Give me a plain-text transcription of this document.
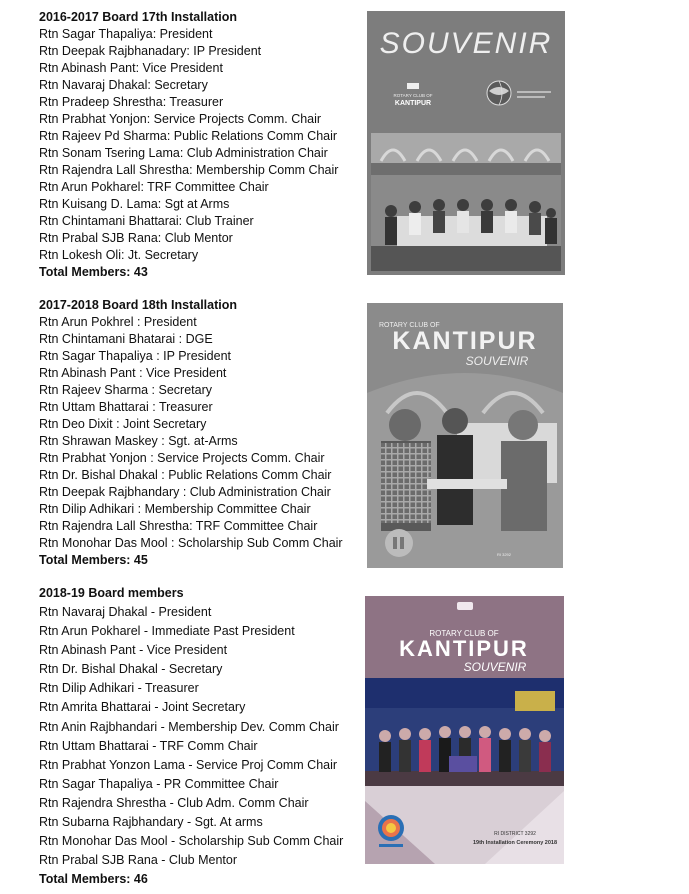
2016-2017 Board 17th Installation
Rtn Sagar Thapaliya: President
Rtn Deepak Rajbhanadary: IP President
Rtn Abinash Pant: Vice President
Rtn Navaraj Dhakal: Secretary
Rtn Pradeep Shrestha: Treasurer
Rtn Prabhat Yonjon: Service Projects Comm. Chair
Rtn Rajeev Pd Sharma: Public Relations Comm Chair
Rtn Sonam Tsering Lama: Club Administration Chair
Rtn Rajendra Lall Shrestha: Membership Comm Chair
Rtn Arun Pokharel: TRF Committee Chair
Rtn Kuisang D. Lama: Sgt at Arms
Rtn Chintamani Bhattarai: Club Trainer
Rtn Prabal SJB Rana: Club Mentor
Rtn Lokesh Oli: Jt. Secretary
Total Members: 43
2017-2018 Board 18th Installation
Rtn Arun Pokhrel : President
Rtn Chintamani Bhatarai : DGE
Rtn Sagar Thapaliya : IP President
Rtn Abinash Pant : Vice President
Rtn Rajeev Sharma : Secretary
Rtn Uttam Bhattarai : Treasurer
Rtn Deo Dixit : Joint Secretary
Rtn Shrawan Maskey : Sgt. at-Arms
Rtn Prabhat Yonjon : Service Projects Comm. Chair
Rtn Dr. Bishal Dhakal : Public Relations Comm Chair
Rtn Deepak Rajbhandary : Club Administration Chair
Rtn Dilip Adhikari : Membership Committee Chair
Rtn Rajendra Lall Shrestha: TRF Committee Chair
Rtn Monohar Das Mool : Scholarship Sub Comm Chair
Total Members: 45
2018-19 Board members
Rtn Navaraj Dhakal - President
Rtn Arun Pokharel - Immediate Past President
Rtn Abinash Pant - Vice President
Rtn Dr. Bishal Dhakal - Secretary
Rtn Dilip Adhikari - Treasurer
Rtn Amrita Bhattarai - Joint Secretary
Rtn Anin Rajbhandari - Membership Dev. Comm Chair
Rtn Uttam Bhattarai - TRF Comm Chair
Rtn Prabhat Yonzon Lama - Service Proj Comm Chair
Rtn Sagar Thapaliya - PR Committee Chair
Rtn Rajendra Shrestha - Club Adm. Comm Chair
Rtn Subarna Rajbhandary - Sgt. At arms
Rtn Monohar Das Mool - Scholarship Sub Comm Chair
Rtn Prabal SJB Rana - Club Mentor
Total Members: 46
SOUVENIR
ROTARY CLUB OF
KANTIPUR
ROTARY CLUB OF
KANTIPUR
SOUVENIR
RI 3292
ROTARY CLUB OF
KANTIPUR
SOUVENIR
RI DISTRICT 3292
19th Installation Ceremony 2018
